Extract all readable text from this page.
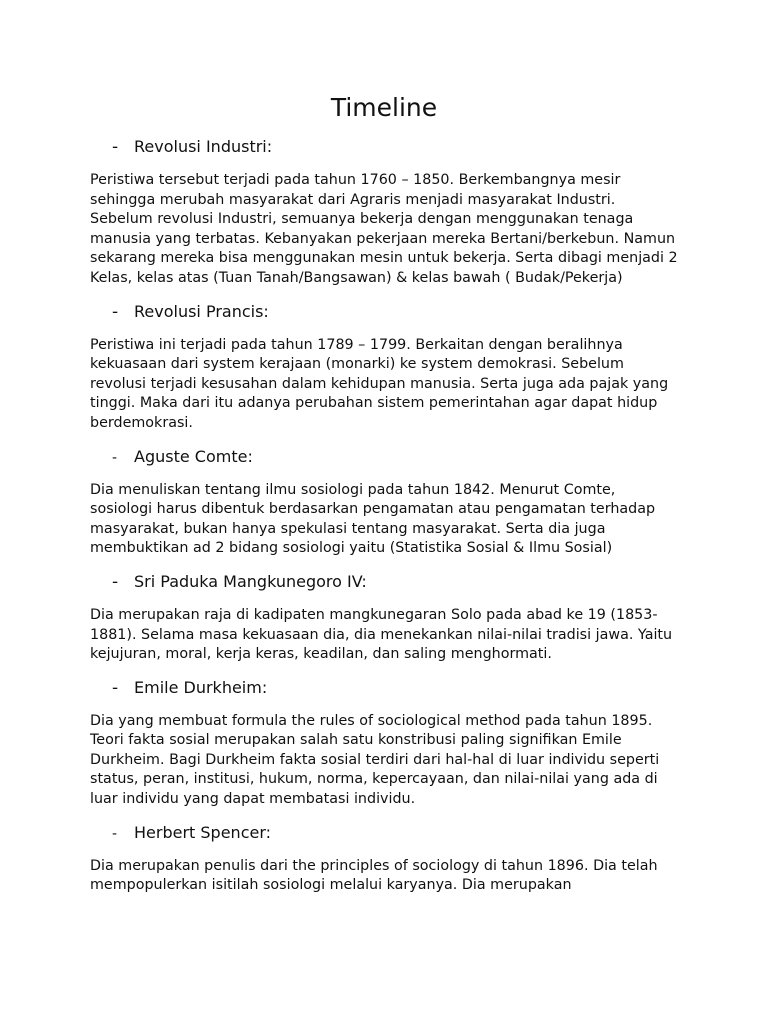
Timeline
- Revolusi Industri:

Peristiwa tersebut terjadi pada tahun 1760 – 1850. Berkembangnya mesir sehingga merubah masyarakat dari Agraris menjadi masyarakat Industri. Sebelum revolusi Industri, semuanya bekerja dengan menggunakan tenaga manusia yang terbatas. Kebanyakan pekerjaan mereka Bertani/berkebun. Namun sekarang mereka bisa menggunakan mesin untuk bekerja. Serta dibagi menjadi 2 Kelas, kelas atas (Tuan Tanah/Bangsawan) & kelas bawah ( Budak/Pekerja)

- Revolusi Prancis:

Peristiwa ini terjadi pada tahun 1789 – 1799. Berkaitan dengan beralihnya kekuasaan dari system kerajaan (monarki) ke system demokrasi. Sebelum revolusi terjadi kesusahan dalam kehidupan manusia. Serta juga ada pajak yang tinggi. Maka dari itu adanya perubahan sistem pemerintahan agar dapat hidup berdemokrasi.

-	Aguste Comte:

Dia menuliskan tentang ilmu sosiologi pada tahun 1842. Menurut Comte, sosiologi harus dibentuk berdasarkan pengamatan atau pengamatan terhadap masyarakat, bukan hanya spekulasi tentang masyarakat. Serta dia juga membuktikan ad 2 bidang sosiologi yaitu (Statistika Sosial & Ilmu Sosial)

- Sri Paduka Mangkunegoro IV:

Dia merupakan raja di kadipaten mangkunegaran Solo pada abad ke 19 (1853-1881). Selama masa kekuasaan dia, dia menekankan nilai-nilai tradisi jawa. Yaitu kejujuran, moral, kerja keras, keadilan, dan saling menghormati.

- Emile Durkheim:

Dia yang membuat formula the rules of sociological method pada tahun 1895. Teori fakta sosial merupakan salah satu konstribusi paling signifikan Emile Durkheim. Bagi Durkheim fakta sosial terdiri dari hal-hal di luar individu seperti status, peran, institusi, hukum, norma, kepercayaan, dan nilai-nilai yang ada di luar individu yang dapat membatasi individu.

-	Herbert Spencer:

Dia merupakan penulis dari the principles of sociology di tahun 1896. Dia telah mempopulerkan isitilah sosiologi melalui karyanya. Dia merupakan
